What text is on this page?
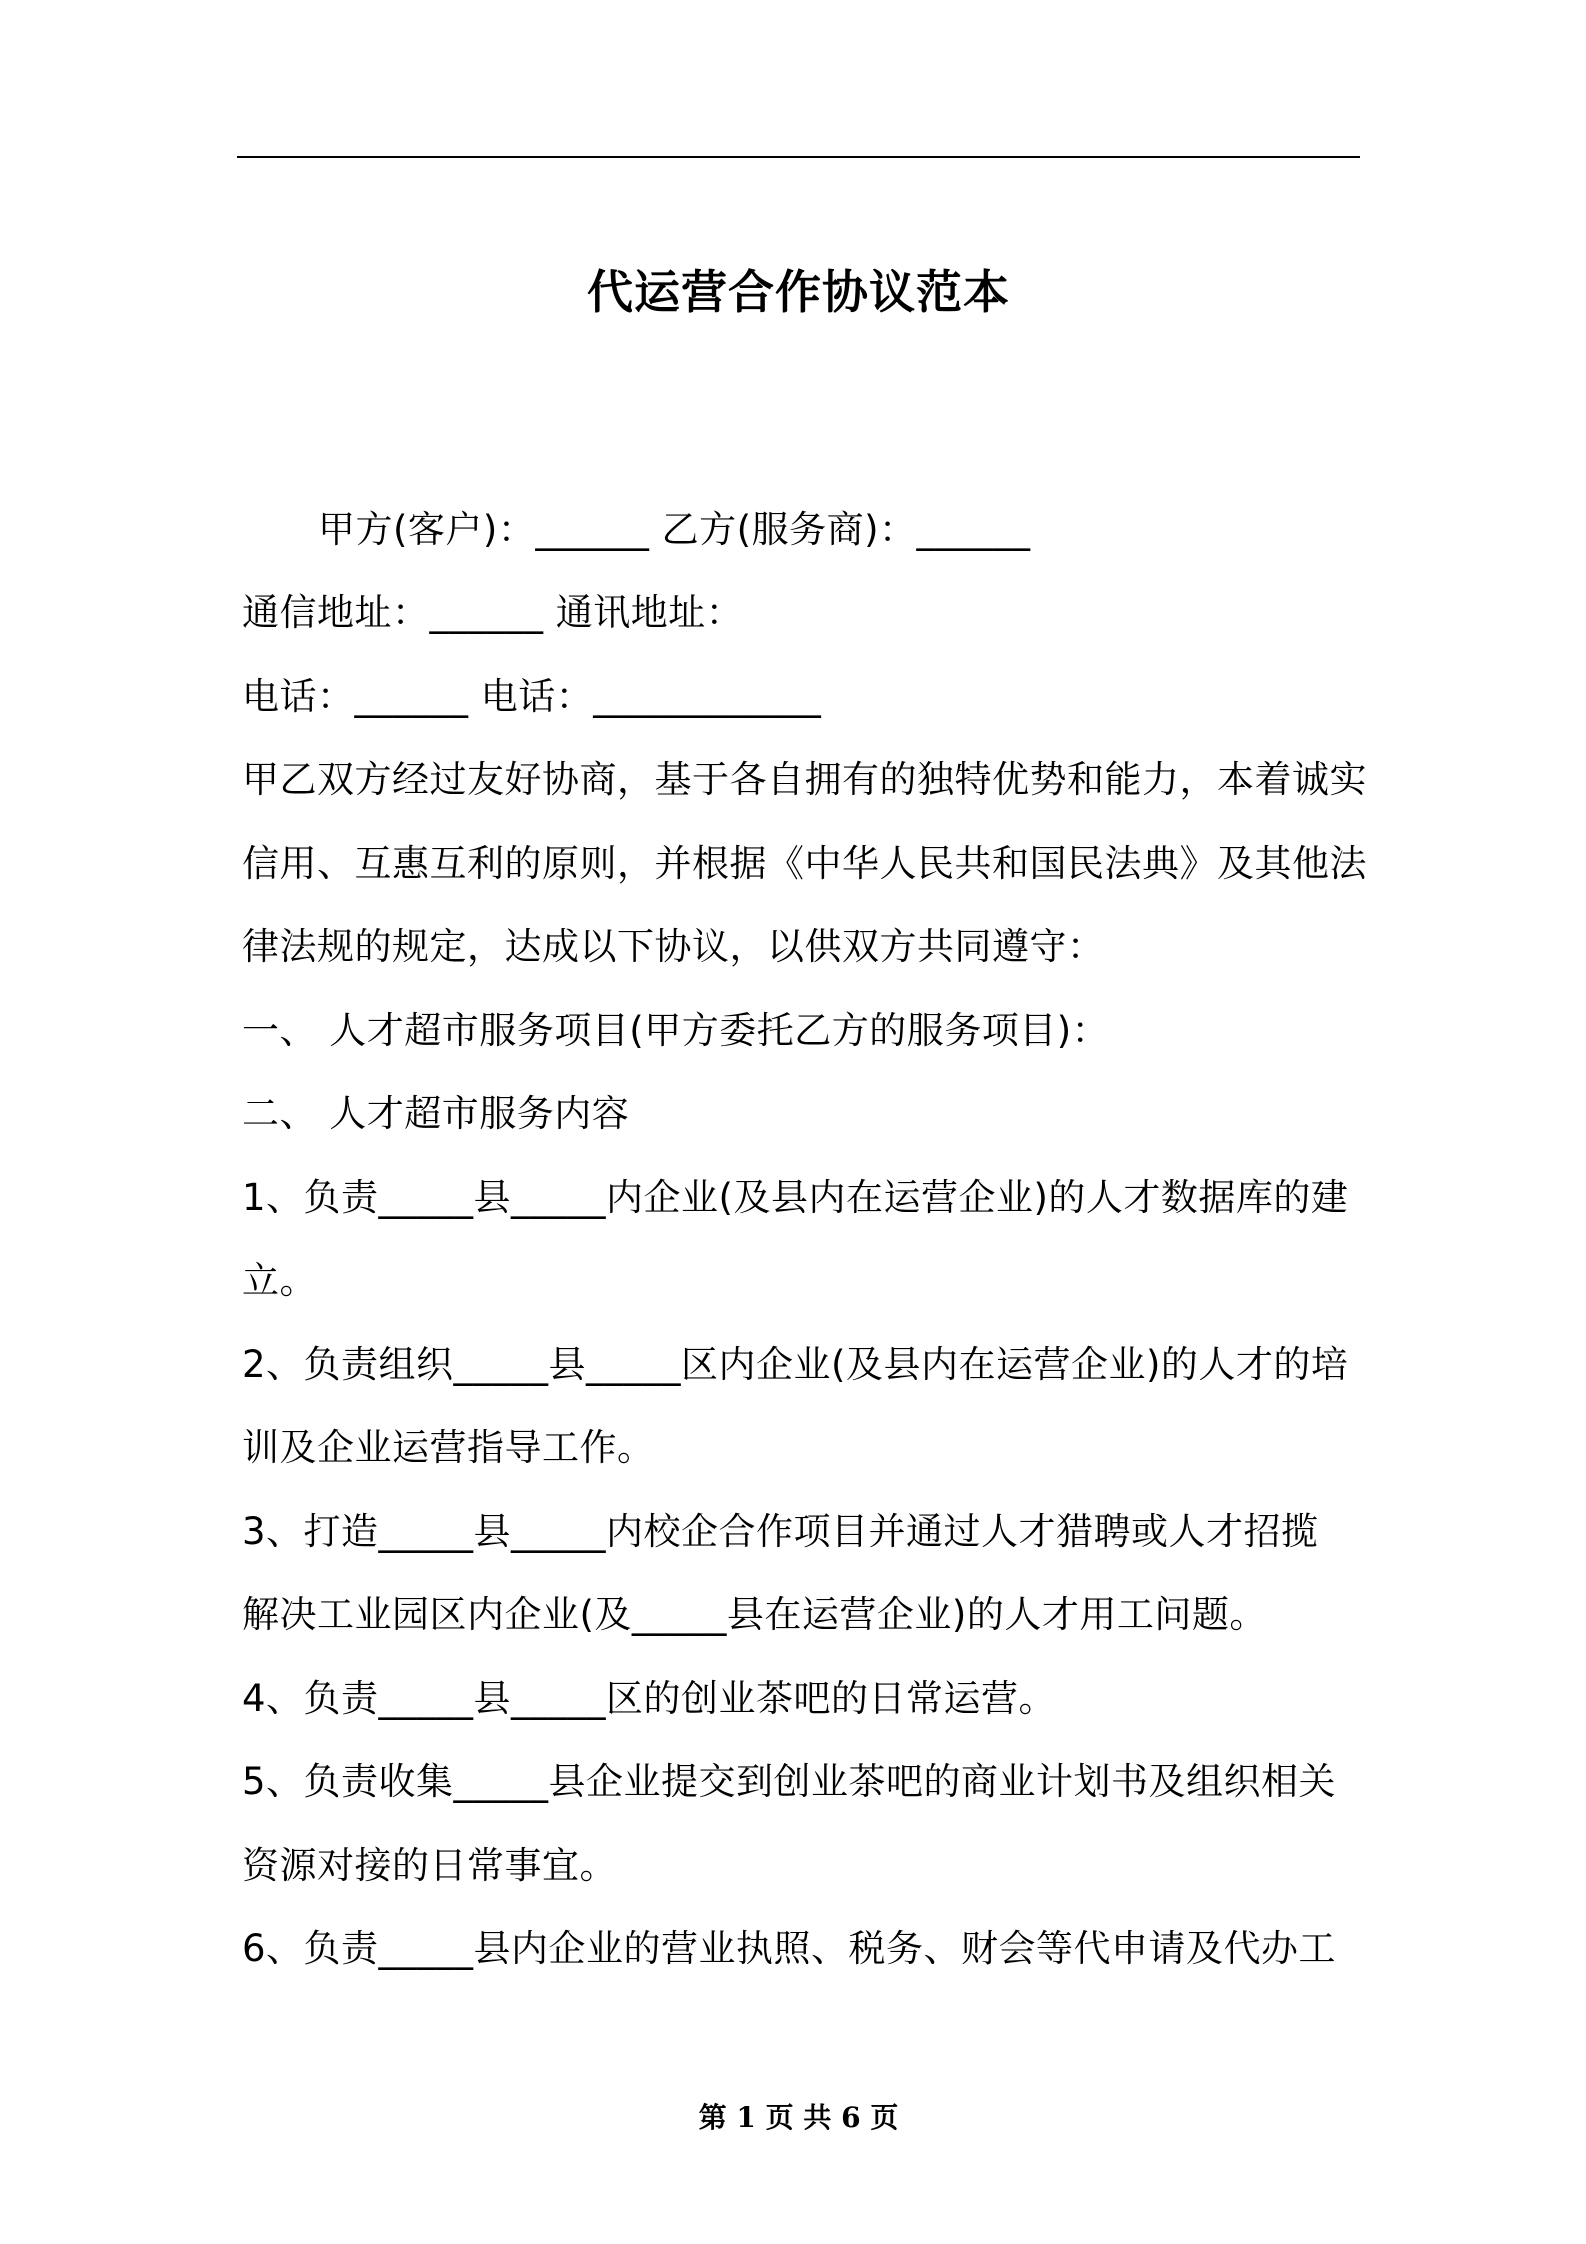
代运营合作协议范本
甲方(客户)：______ 乙方(服务商)：______
通信地址：______ 通讯地址：
电话：______ 电话：____________
甲乙双方经过友好协商，基于各自拥有的独特优势和能力，本着诚实
信用、互惠互利的原则，并根据《中华人民共和国民法典》及其他法
律法规的规定，达成以下协议，以供双方共同遵守：
一、 人才超市服务项目(甲方委托乙方的服务项目)：
二、 人才超市服务内容
1、负责_____县_____内企业(及县内在运营企业)的人才数据库的建
立。
2、负责组织_____县_____区内企业(及县内在运营企业)的人才的培
训及企业运营指导工作。
3、打造_____县_____内校企合作项目并通过人才猎聘或人才招揽
解决工业园区内企业(及_____县在运营企业)的人才用工问题。
4、负责_____县_____区的创业茶吧的日常运营。
5、负责收集_____县企业提交到创业茶吧的商业计划书及组织相关
资源对接的日常事宜。
6、负责_____县内企业的营业执照、税务、财会等代申请及代办工
第 1 页 共 6 页
